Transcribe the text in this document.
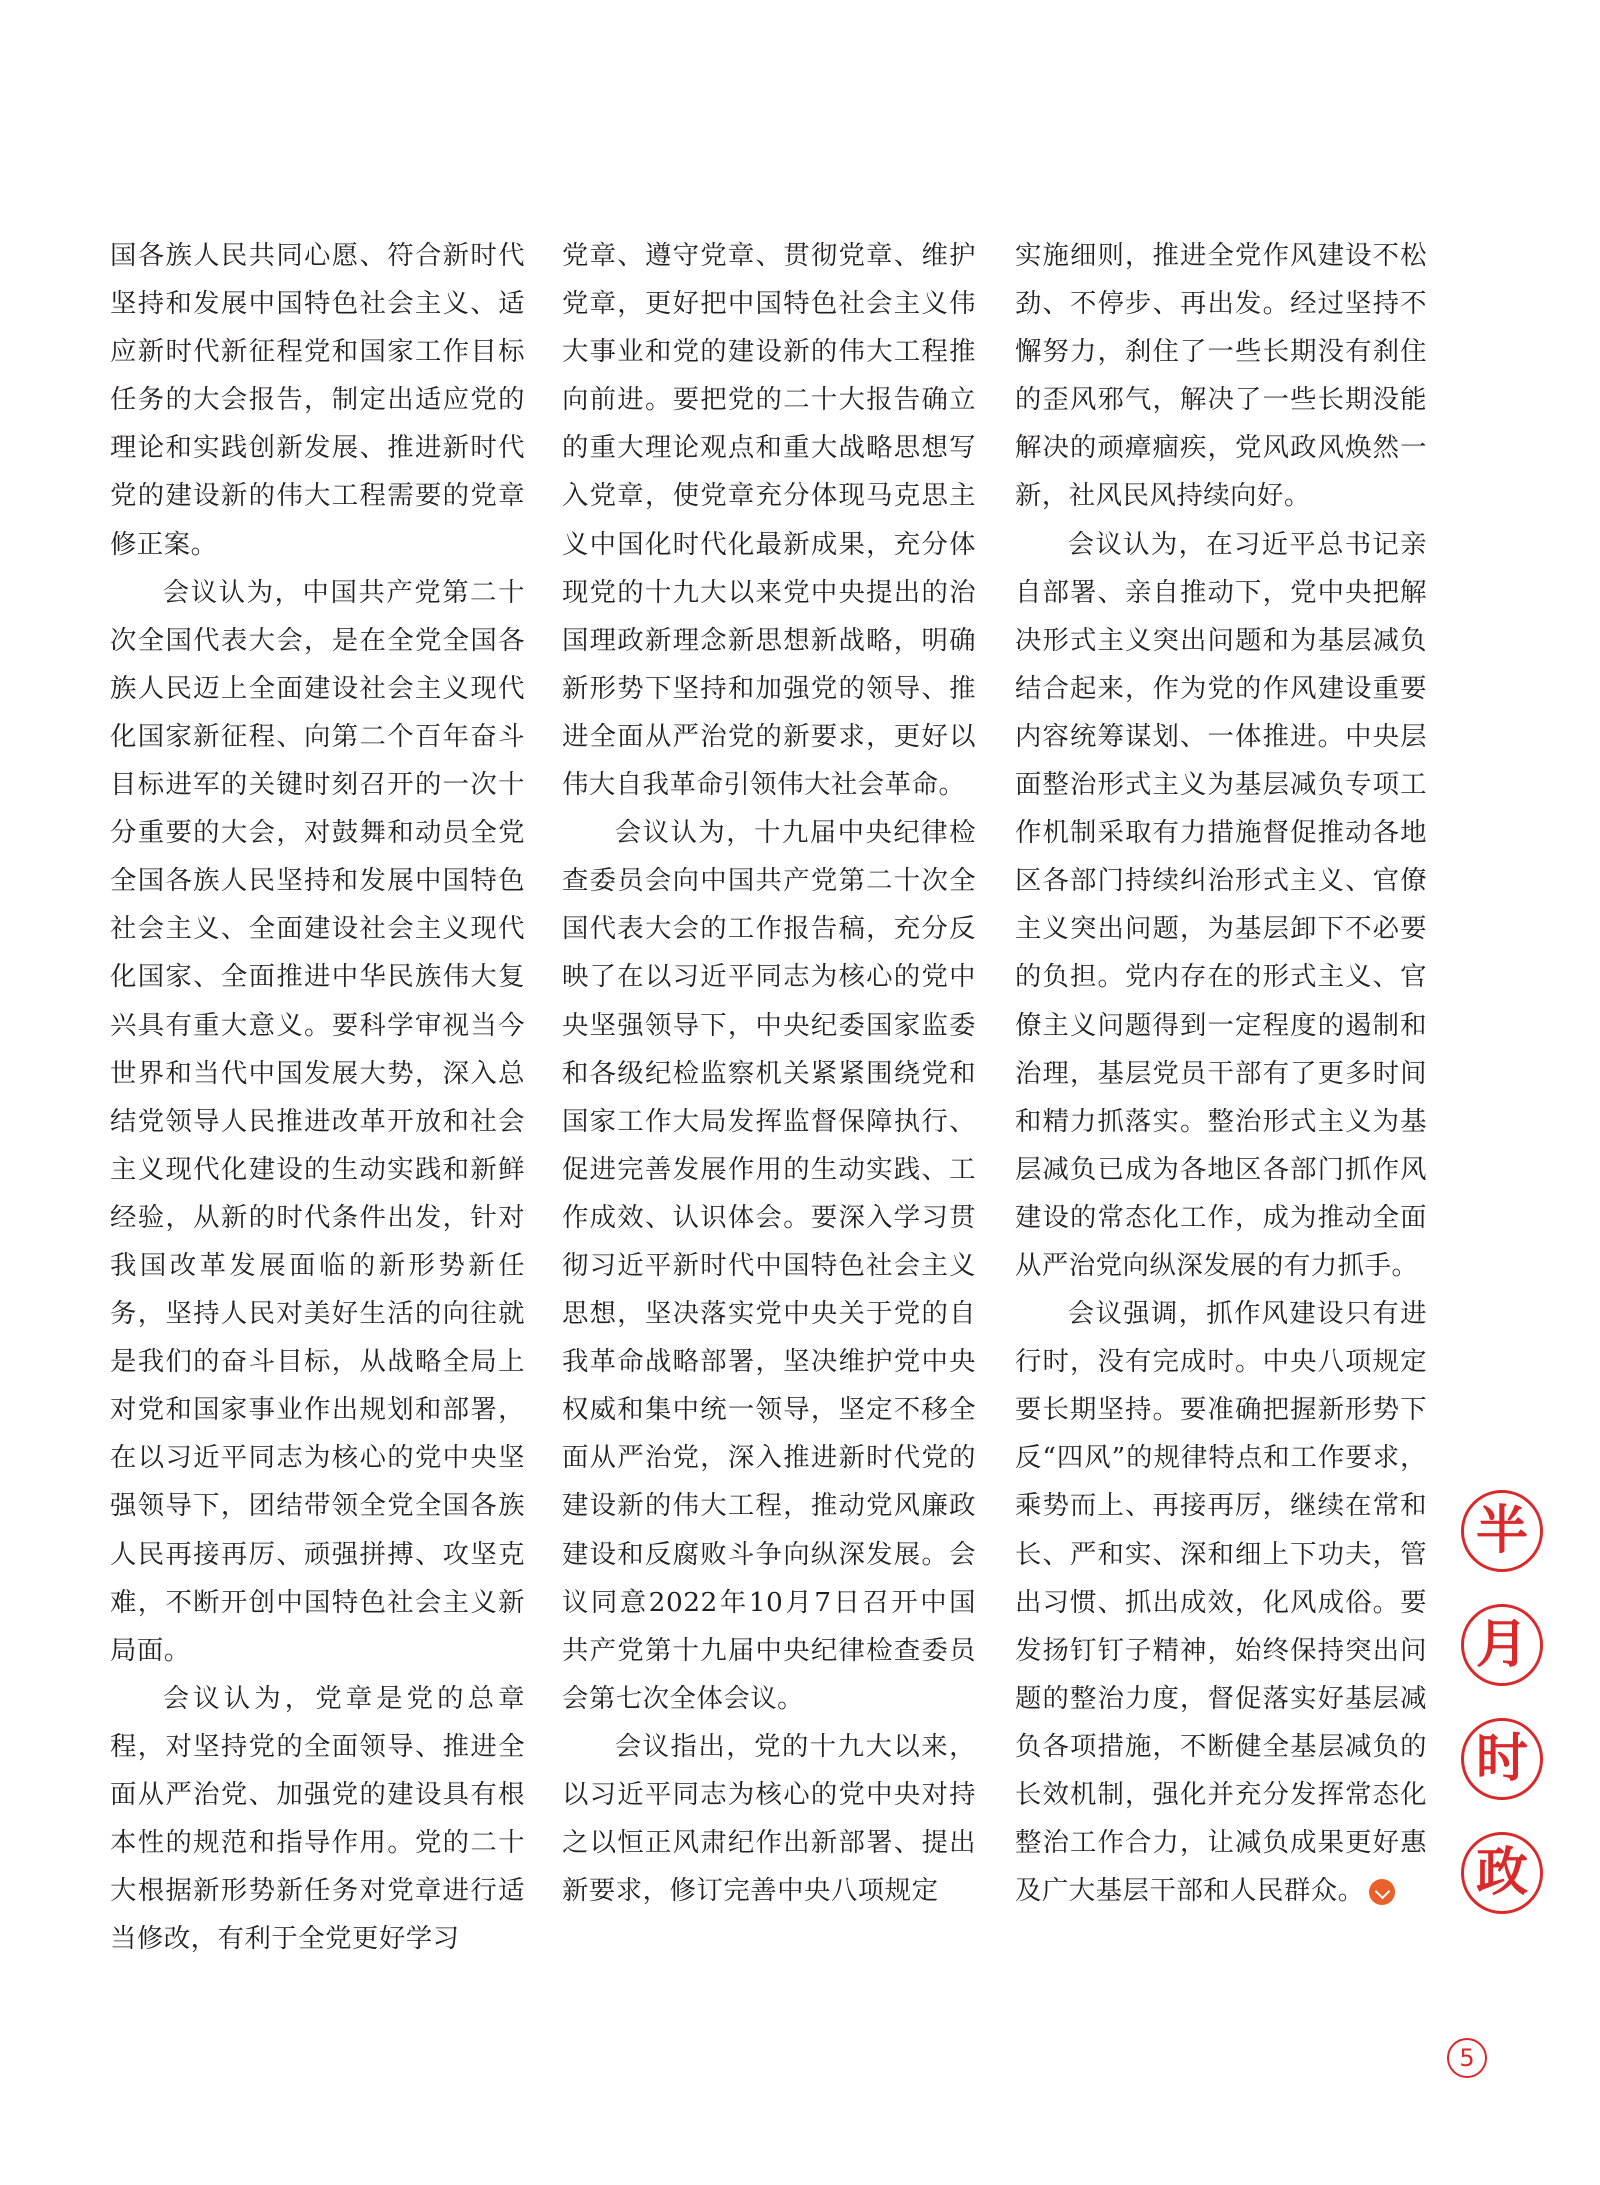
国各族人民共同心愿、符合新时代坚持和发展中国特色社会主义、适应新时代新征程党和国家工作目标任务的大会报告，制定出适应党的理论和实践创新发展、推进新时代党的建设新的伟大工程需要的党章修正案。

会议认为，中国共产党第二十次全国代表大会，是在全党全国各族人民迈上全面建设社会主义现代化国家新征程、向第二个百年奋斗目标进军的关键时刻召开的一次十分重要的大会，对鼓舞和动员全党全国各族人民坚持和发展中国特色社会主义、全面建设社会主义现代化国家、全面推进中华民族伟大复兴具有重大意义。要科学审视当今世界和当代中国发展大势，深入总结党领导人民推进改革开放和社会主义现代化建设的生动实践和新鲜经验，从新的时代条件出发，针对我国改革发展面临的新形势新任务，坚持人民对美好生活的向往就是我们的奋斗目标，从战略全局上对党和国家事业作出规划和部署，在以习近平同志为核心的党中央坚强领导下，团结带领全党全国各族人民再接再厉、顽强拼搏、攻坚克难，不断开创中国特色社会主义新局面。

会议认为，党章是党的总章程，对坚持党的全面领导、推进全面从严治党、加强党的建设具有根本性的规范和指导作用。党的二十大根据新形势新任务对党章进行适当修改，有利于全党更好学习

党章、遵守党章、贯彻党章、维护党章，更好把中国特色社会主义伟大事业和党的建设新的伟大工程推向前进。要把党的二十大报告确立的重大理论观点和重大战略思想写入党章，使党章充分体现马克思主义中国化时代化最新成果，充分体现党的十九大以来党中央提出的治国理政新理念新思想新战略，明确新形势下坚持和加强党的领导、推进全面从严治党的新要求，更好以伟大自我革命引领伟大社会革命。

会议认为，十九届中央纪律检查委员会向中国共产党第二十次全国代表大会的工作报告稿，充分反映了在以习近平同志为核心的党中央坚强领导下，中央纪委国家监委和各级纪检监察机关紧紧围绕党和国家工作大局发挥监督保障执行、促进完善发展作用的生动实践、工作成效、认识体会。要深入学习贯彻习近平新时代中国特色社会主义思想，坚决落实党中央关于党的自我革命战略部署，坚决维护党中央权威和集中统一领导，坚定不移全面从严治党，深入推进新时代党的建设新的伟大工程，推动党风廉政建设和反腐败斗争向纵深发展。会议同意2022年10月7日召开中国共产党第十九届中央纪律检查委员会第七次全体会议。

会议指出，党的十九大以来，以习近平同志为核心的党中央对持之以恒正风肃纪作出新部署、提出新要求，修订完善中央八项规定

实施细则，推进全党作风建设不松劲、不停步、再出发。经过坚持不懈努力，刹住了一些长期没有刹住的歪风邪气，解决了一些长期没能解决的顽瘴痼疾，党风政风焕然一新，社风民风持续向好。

会议认为，在习近平总书记亲自部署、亲自推动下，党中央把解决形式主义突出问题和为基层减负结合起来，作为党的作风建设重要内容统筹谋划、一体推进。中央层面整治形式主义为基层减负专项工作机制采取有力措施督促推动各地区各部门持续纠治形式主义、官僚主义突出问题，为基层卸下不必要的负担。党内存在的形式主义、官僚主义问题得到一定程度的遏制和治理，基层党员干部有了更多时间和精力抓落实。整治形式主义为基层减负已成为各地区各部门抓作风建设的常态化工作，成为推动全面从严治党向纵深发展的有力抓手。

会议强调，抓作风建设只有进行时，没有完成时。中央八项规定要长期坚持。要准确把握新形势下反“四风”的规律特点和工作要求，乘势而上、再接再厉，继续在常和长、严和实、深和细上下功夫，管出习惯、抓出成效，化风成俗。要发扬钉钉子精神，始终保持突出问题的整治力度，督促落实好基层减负各项措施，不断健全基层减负的长效机制，强化并充分发挥常态化整治工作合力，让减负成果更好惠及广大基层干部和人民群众。

半
月
时
政
5
